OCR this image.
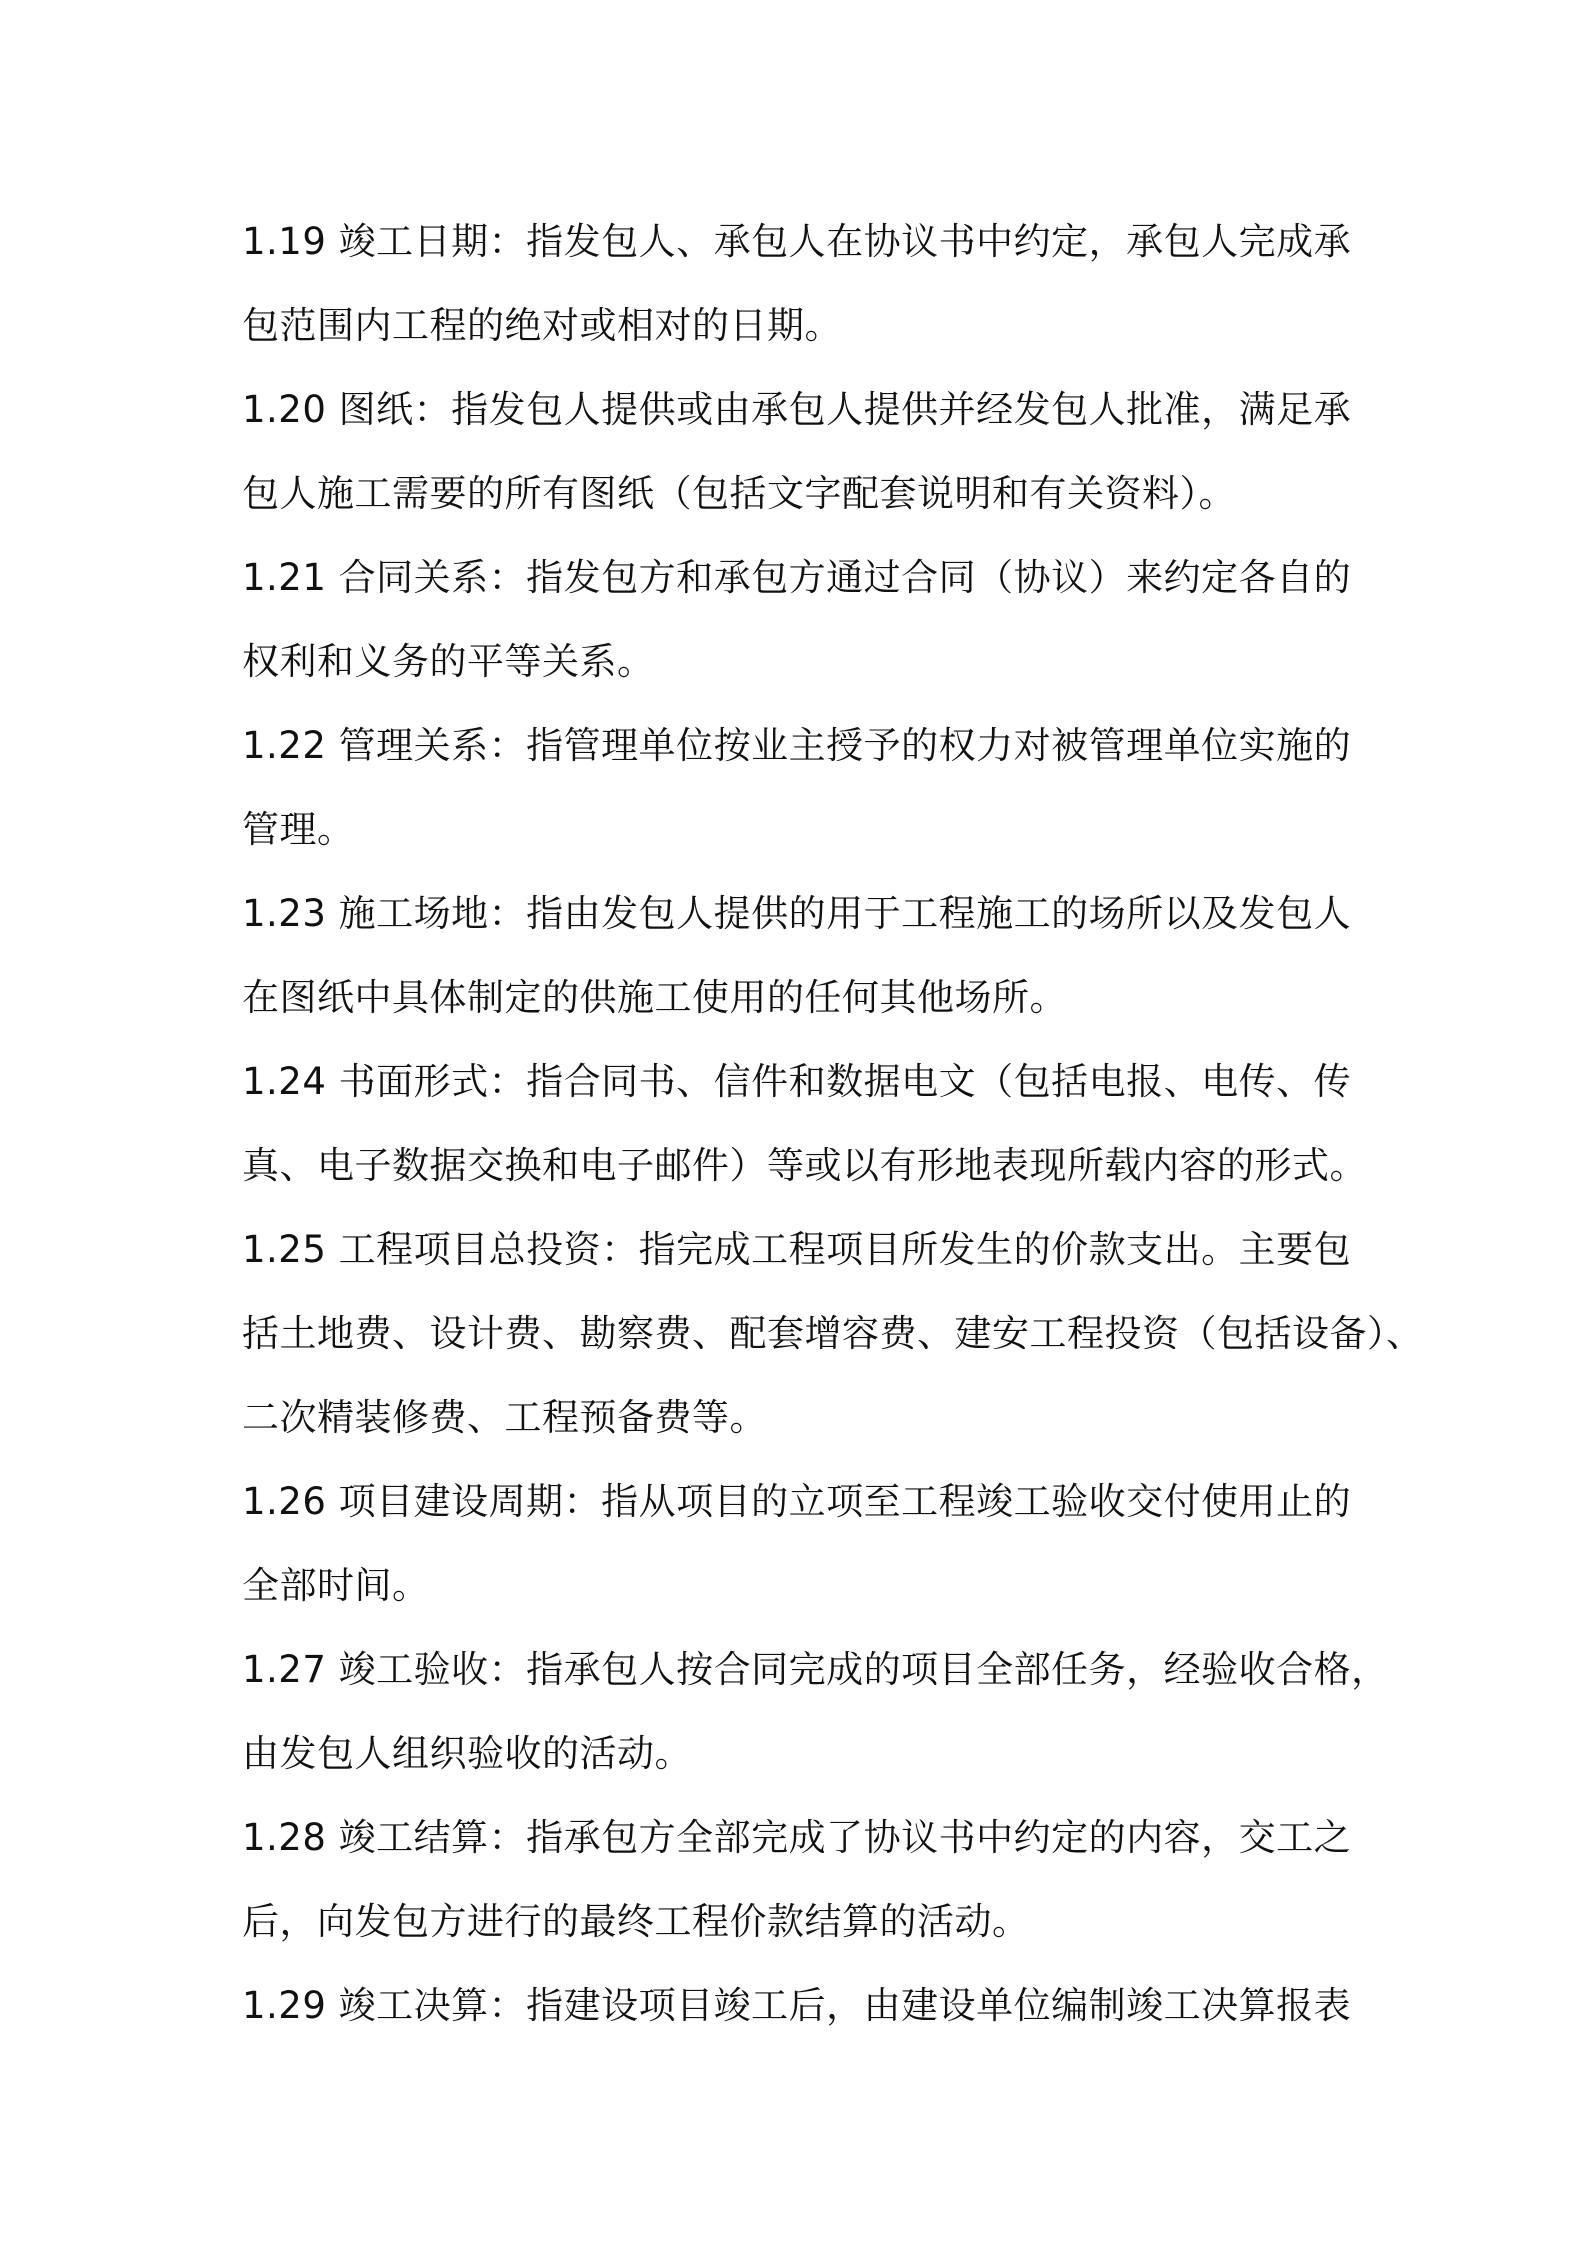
1.19 竣工日期：指发包人、承包人在协议书中约定，承包人完成承
包范围内工程的绝对或相对的日期。
1.20 图纸：指发包人提供或由承包人提供并经发包人批准，满足承
包人施工需要的所有图纸（包括文字配套说明和有关资料）。
1.21 合同关系：指发包方和承包方通过合同（协议）来约定各自的
权利和义务的平等关系。
1.22 管理关系：指管理单位按业主授予的权力对被管理单位实施的
管理。
1.23 施工场地：指由发包人提供的用于工程施工的场所以及发包人
在图纸中具体制定的供施工使用的任何其他场所。
1.24 书面形式：指合同书、信件和数据电文（包括电报、电传、传
真、电子数据交换和电子邮件）等或以有形地表现所载内容的形式。
1.25 工程项目总投资：指完成工程项目所发生的价款支出。主要包
括土地费、设计费、勘察费、配套增容费、建安工程投资（包括设备）、
二次精装修费、工程预备费等。
1.26 项目建设周期：指从项目的立项至工程竣工验收交付使用止的
全部时间。
1.27 竣工验收：指承包人按合同完成的项目全部任务，经验收合格，
由发包人组织验收的活动。
1.28 竣工结算：指承包方全部完成了协议书中约定的内容，交工之
后，向发包方进行的最终工程价款结算的活动。
1.29 竣工决算：指建设项目竣工后，由建设单位编制竣工决算报表
